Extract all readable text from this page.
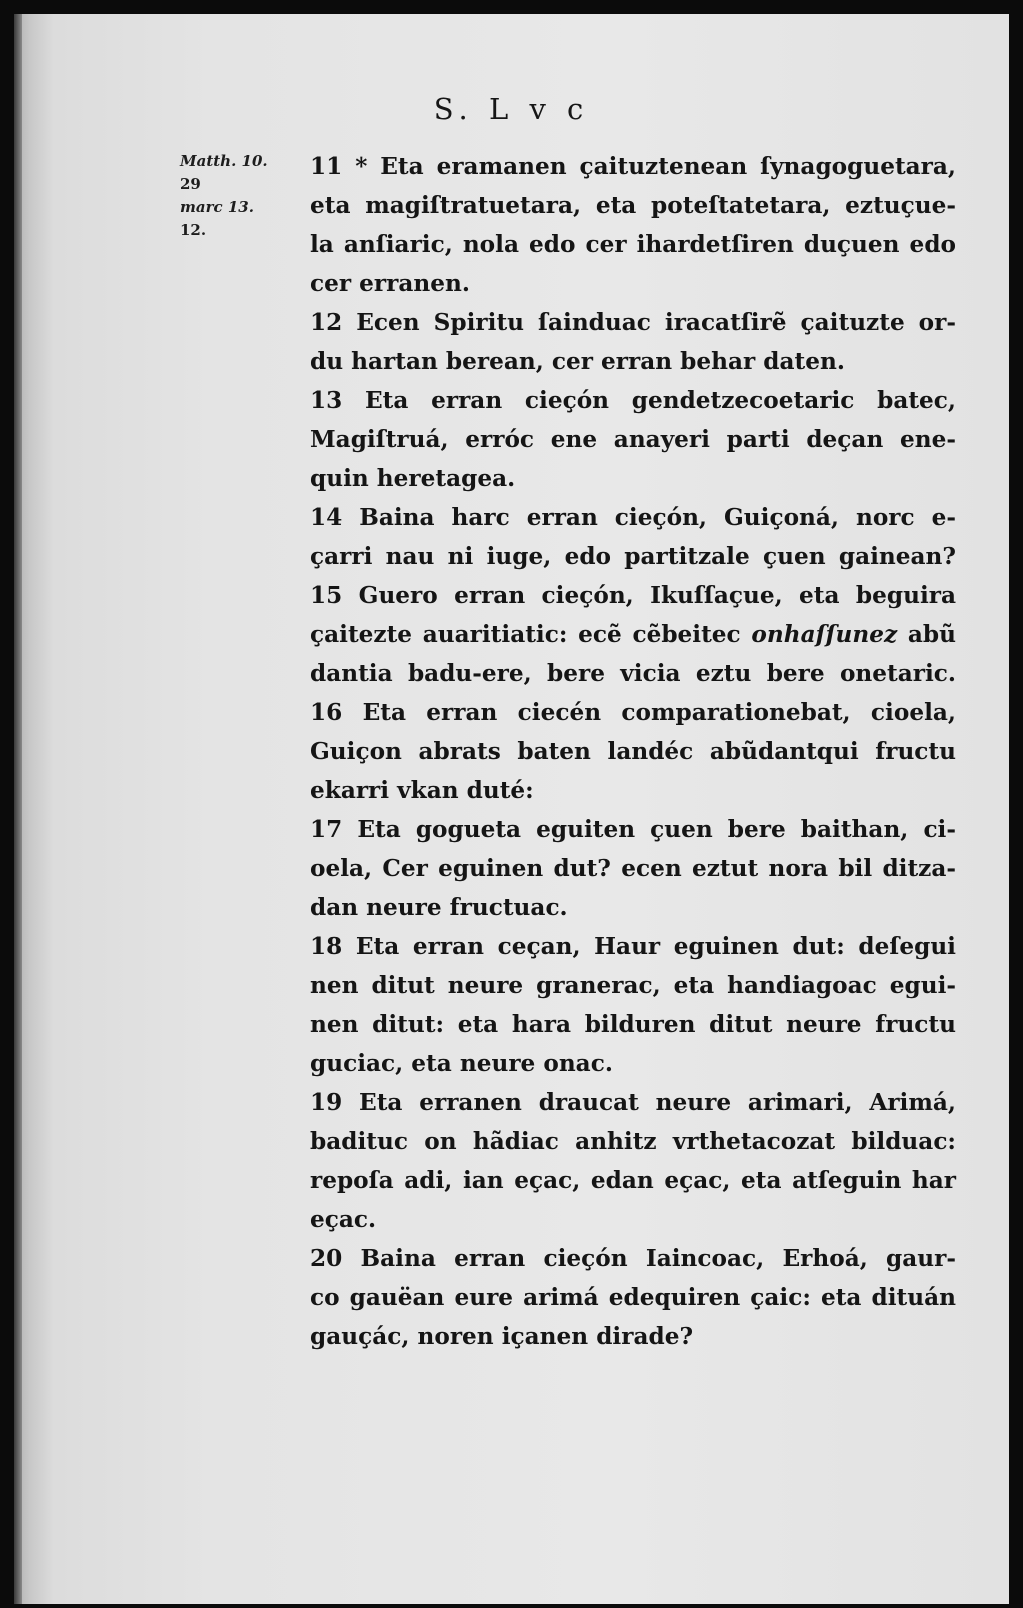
S. L v c
Matth. 10.
29
marc 13.
12.
11 * Eta eramanen çaituztenean ſynagoguetara,
eta magiſtratuetara, eta poteſtatetara, eztuçue-
la anſiaric, nola edo cer ihardetſiren duçuen edo
cer erranen.
12 Ecen Spiritu ſainduac iracatſirẽ çaituzte or-
du hartan berean, cer erran behar daten.
13 Eta erran cieçón gendetzecoetaric batec,
Magiſtruá, erróc ene anayeri parti deçan ene-
quin heretagea.
14 Baina harc erran cieçón, Guiçoná, norc e-
çarri nau ni iuge, edo partitzale çuen gainean?
15 Guero erran cieçón, Ikuſſaçue, eta beguira
çaitezte auaritiatic: ecẽ cẽbeitec onhaſſunez abũ
dantia badu-ere, bere vicia eztu bere onetaric.
16 Eta erran ciecén comparationebat, cioela,
Guiçon abrats baten landéc abũdantqui fructu
ekarri vkan duté:
17 Eta gogueta eguiten çuen bere baithan, ci-
oela, Cer eguinen dut? ecen eztut nora bil ditza-
dan neure fructuac.
18 Eta erran ceçan, Haur eguinen dut: deſegui
nen ditut neure granerac, eta handiagoac egui-
nen ditut: eta hara bilduren ditut neure fructu
guciac, eta neure onac.
19 Eta erranen draucat neure arimari, Arimá,
badituc on hãdiac anhitz vrthetacozat bilduac:
repoſa adi, ian eçac, edan eçac, eta atſeguin har
eçac.
20 Baina erran cieçón Iaincoac, Erhoá, gaur-
co gauëan eure arimá edequiren çaic: eta dituán
gauçác, noren içanen dirade?
